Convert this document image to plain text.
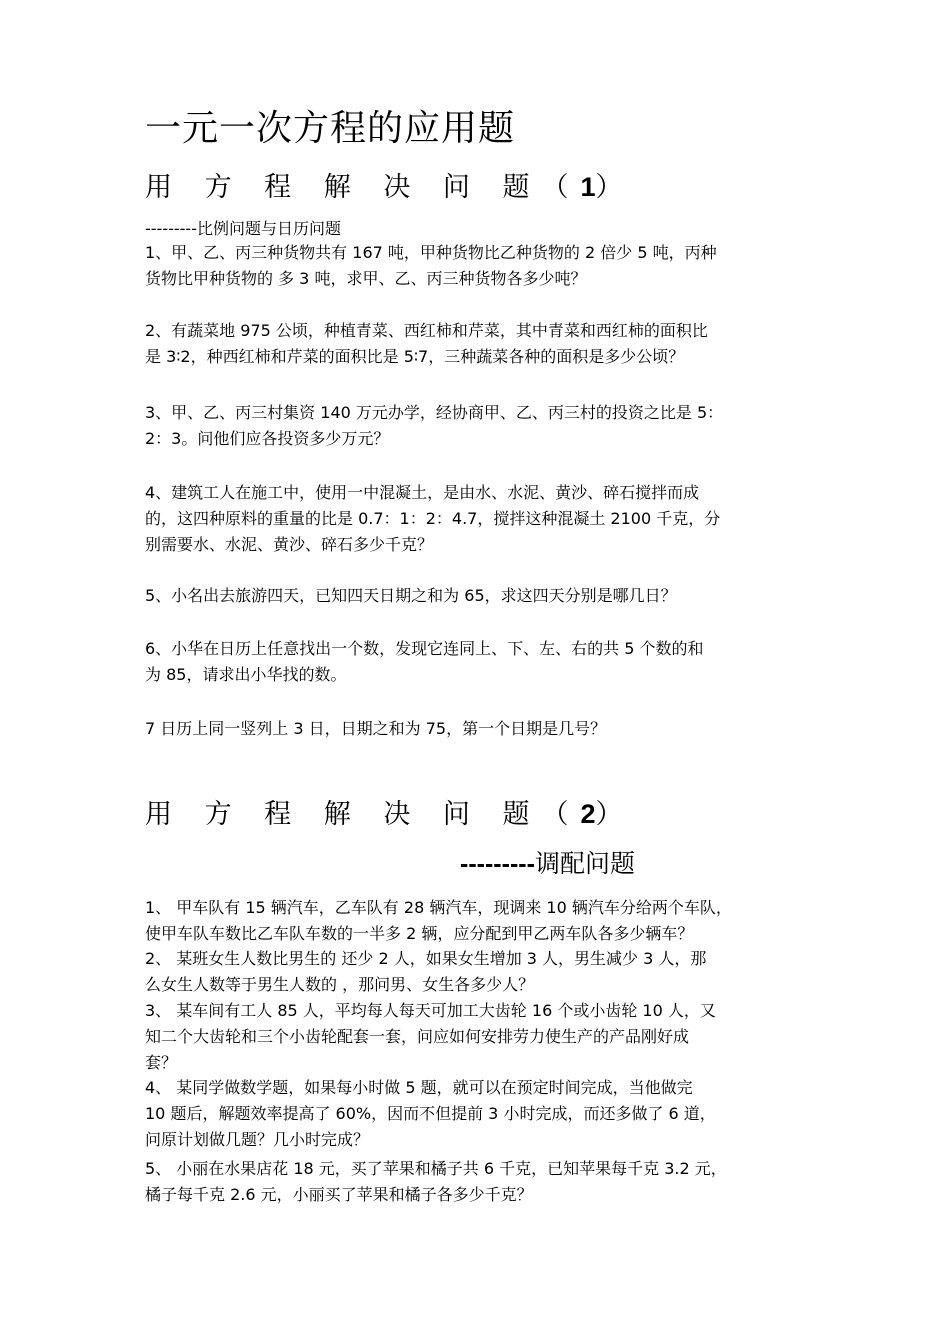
一元一次方程的应用题
用 方 程 解 决 问 题（1）
---------比例问题与日历问题
1、甲、乙、丙三种货物共有 167 吨，甲种货物比乙种货物的 2 倍少 5 吨，丙种
货物比甲种货物的 多 3 吨，求甲、乙、丙三种货物各多少吨？
2、有蔬菜地 975 公顷，种植青菜、西红柿和芹菜，其中青菜和西红柿的面积比
是 3∶2，种西红柿和芹菜的面积比是 5∶7，三种蔬菜各种的面积是多少公顷？
3、甲、乙、丙三村集资 140 万元办学，经协商甲、乙、丙三村的投资之比是 5：
2：3。问他们应各投资多少万元？
4、建筑工人在施工中，使用一中混凝土，是由水、水泥、黄沙、碎石搅拌而成
的，这四种原料的重量的比是 0.7：1：2：4.7，搅拌这种混凝土 2100 千克，分
别需要水、水泥、黄沙、碎石多少千克？
5、小名出去旅游四天，已知四天日期之和为 65，求这四天分别是哪几日？
6、小华在日历上任意找出一个数，发现它连同上、下、左、右的共 5 个数的和
为 85，请求出小华找的数。
7 日历上同一竖列上 3 日，日期之和为 75，第一个日期是几号？
用 方 程 解 决 问 题（2）
---------调配问题
1、 甲车队有 15 辆汽车，乙车队有 28 辆汽车，现调来 10 辆汽车分给两个车队，
使甲车队车数比乙车队车数的一半多 2 辆，应分配到甲乙两车队各多少辆车？
2、 某班女生人数比男生的 还少 2 人，如果女生增加 3 人，男生减少 3 人，那
么女生人数等于男生人数的 ，那问男、女生各多少人？
3、 某车间有工人 85 人，平均每人每天可加工大齿轮 16 个或小齿轮 10 人，又
知二个大齿轮和三个小齿轮配套一套，问应如何安排劳力使生产的产品刚好成
套？
4、 某同学做数学题，如果每小时做 5 题，就可以在预定时间完成，当他做完
10 题后，解题效率提高了 60%，因而不但提前 3 小时完成，而还多做了 6 道，
问原计划做几题？几小时完成？
5、 小丽在水果店花 18 元，买了苹果和橘子共 6 千克，已知苹果每千克 3.2 元，
橘子每千克 2.6 元，小丽买了苹果和橘子各多少千克？
